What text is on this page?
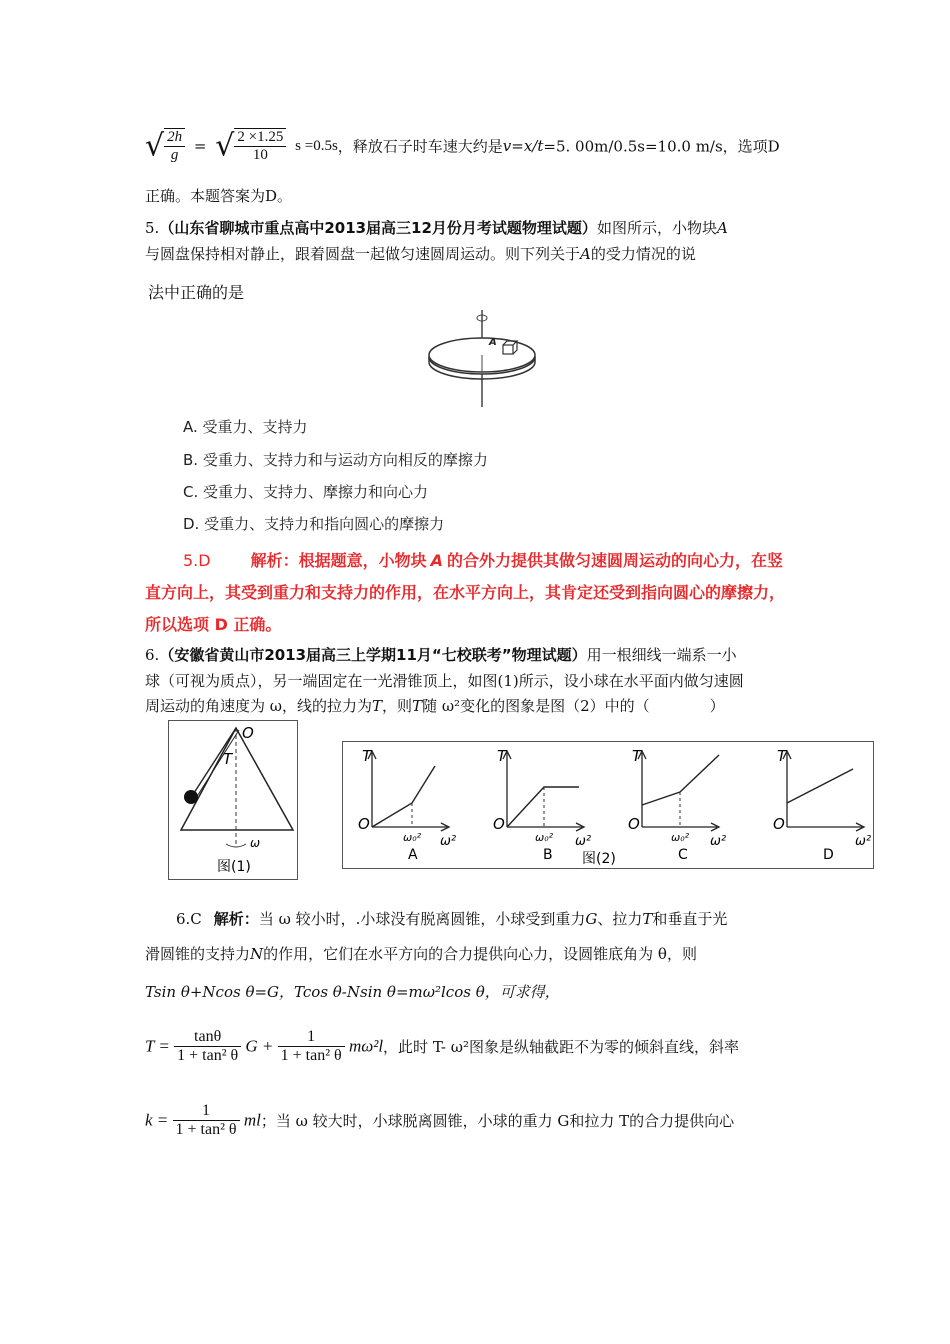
√ $\frac{2h}{g}$ = √ $\frac{2 \times 1.25}{10}$ s =0.5s，释放石子时车速大约是v=x/t=5. 00m/0.5s=10.0 m/s，选项D
正确。本题答案为D。
5.（山东省聊城市重点高中2013届高三12月份月考试题物理试题）如图所示，小物块A
与圆盘保持相对静止，跟着圆盘一起做匀速圆周运动。则下列关于A的受力情况的说
法中正确的是
A
A. 受重力、支持力
B. 受重力、支持力和与运动方向相反的摩擦力
C. 受重力、支持力、摩擦力和向心力
D. 受重力、支持力和指向圆心的摩擦力
5.D	解析：根据题意，小物块 A 的合外力提供其做匀速圆周运动的向心力，在竖
直方向上，其受到重力和支持力的作用，在水平方向上，其肯定还受到指向圆心的摩擦力，
所以选项 D 正确。
6.（安徽省黄山市2013届高三上学期11月“七校联考”物理试题）用一根细线一端系一小
球（可视为质点），另一端固定在一光滑锥顶上，如图(1)所示，设小球在水平面内做匀速圆
周运动的角速度为 ω，线的拉力为T，则T随 ω²变化的图象是图（2）中的（	）
T
O
ω
图(1)
ω₀²
T
O
ω²
A
ω₀²
T
O
ω²
B
ω₀²
T
O
ω²
C
T
O
ω²
D
图(2)
6.C 解析：当 ω 较小时，.小球没有脱离圆锥，小球受到重力G、拉力T和垂直于光
滑圆锥的支持力N的作用，它们在水平方向的合力提供向心力，设圆锥底角为 θ，则
Tsin θ+Ncos θ=G，Tcos θ-Nsin θ=mω²lcos θ，可求得，
$T = \frac{\tan\theta}{\text{1 + tan² θ}}$ $G + \frac{1}{\text{1 + tan² θ}} m\omega^2l$，此时 T- ω²图象是纵轴截距不为零的倾斜直线，斜率
$k = \frac{1}{\text{1 + tan² θ}}$ ml；当 ω 较大时，小球脱离圆锥，小球的重力 G和拉力 T的合力提供向心
